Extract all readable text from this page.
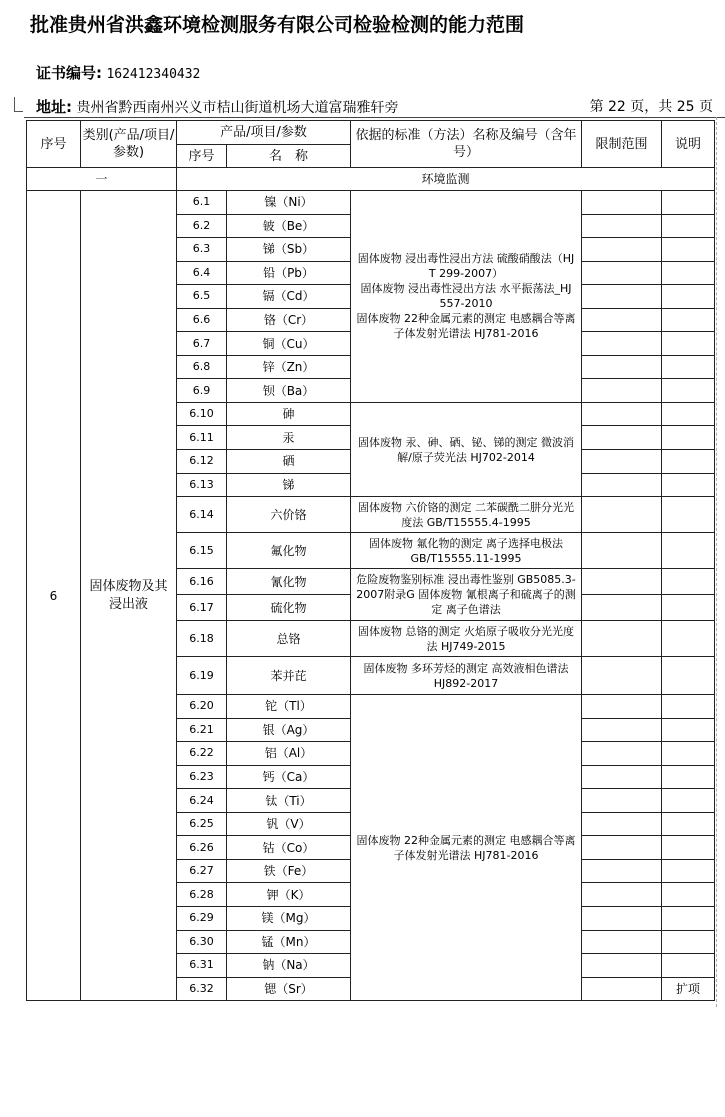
批准贵州省洪鑫环境检测服务有限公司检验检测的能力范围
证书编号: 162412340432
地址: 贵州省黔西南州兴义市桔山街道机场大道富瑞雅轩旁	第 22 页，共 25 页
序号	类别(产品/项目/参数)	产品/项目/参数		依据的标准（方法）名称及编号（含年号）	限制范围	说明
		序号	名　称			
一		环境监测				
6	固体废物及其浸出液	6.1	镍（Ni）	固体废物 浸出毒性浸出方法 硫酸硝酸法（HJ T 299-2007）
固体废物 浸出毒性浸出方法 水平振荡法_HJ 557-2010
固体废物 22种金属元素的测定 电感耦合等离子体发射光谱法 HJ781-2016		
		6.2	铍（Be）			
		6.3	锑（Sb）			
		6.4	铅（Pb）			
		6.5	镉（Cd）			
		6.6	铬（Cr）			
		6.7	铜（Cu）			
		6.8	锌（Zn）			
		6.9	钡（Ba）			
		6.10	砷	固体废物 汞、砷、硒、铋、锑的测定 微波消解/原子荧光法 HJ702-2014		
		6.11	汞			
		6.12	硒			
		6.13	锑			
		6.14	六价铬	固体废物 六价铬的测定 二苯碳酰二肼分光光度法 GB/T15555.4-1995		
		6.15	氟化物	固体废物 氟化物的测定 离子选择电极法 GB/T15555.11-1995		
		6.16	氰化物	危险废物鉴别标准 浸出毒性鉴别 GB5085.3-2007附录G 固体废物 氰根离子和硫离子的测定 离子色谱法		
		6.17	硫化物			
		6.18	总铬	固体废物 总铬的测定 火焰原子吸收分光光度法 HJ749-2015		
		6.19	苯并芘	固体废物 多环芳烃的测定 高效液相色谱法 HJ892-2017		
		6.20	铊（Tl）	固体废物 22种金属元素的测定 电感耦合等离子体发射光谱法 HJ781-2016		
		6.21	银（Ag）			
		6.22	铝（Al）			
		6.23	钙（Ca）			
		6.24	钛（Ti）			
		6.25	钒（V）			
		6.26	钴（Co）			
		6.27	铁（Fe）			
		6.28	钾（K）			
		6.29	镁（Mg）			
		6.30	锰（Mn）			
		6.31	钠（Na）			
		6.32	锶（Sr）			扩项
